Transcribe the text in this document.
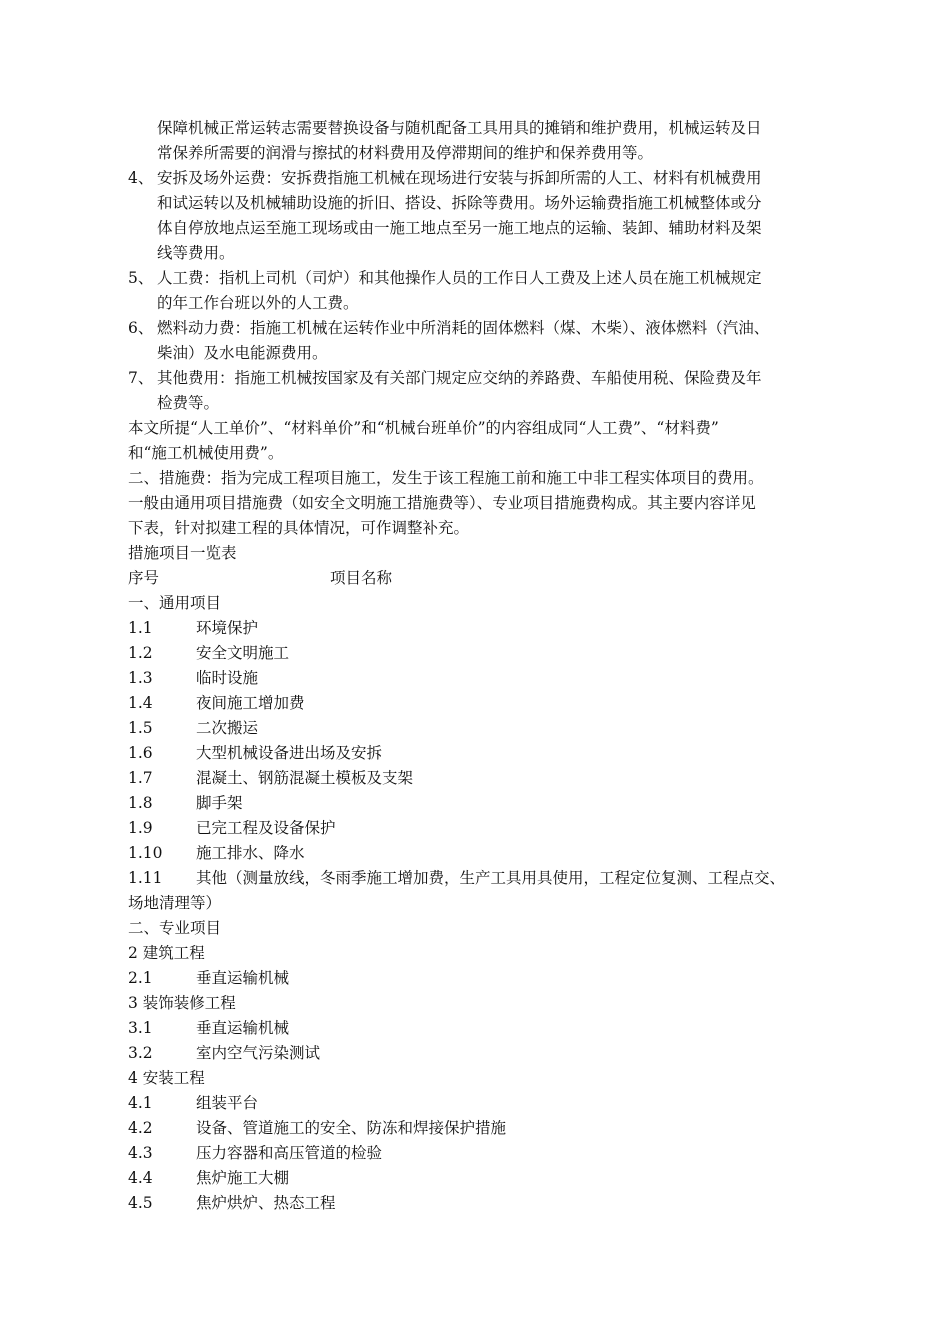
保障机械正常运转志需要替换设备与随机配备工具用具的摊销和维护费用，机械运转及日
常保养所需要的润滑与擦拭的材料费用及停滞期间的维护和保养费用等。
4、 安拆及场外运费：安拆费指施工机械在现场进行安装与拆卸所需的人工、材料有机械费用
和试运转以及机械辅助设施的折旧、搭设、拆除等费用。场外运输费指施工机械整体或分
体自停放地点运至施工现场或由一施工地点至另一施工地点的运输、装卸、辅助材料及架
线等费用。
5、 人工费：指机上司机（司炉）和其他操作人员的工作日人工费及上述人员在施工机械规定
的年工作台班以外的人工费。
6、 燃料动力费：指施工机械在运转作业中所消耗的固体燃料（煤、木柴）、液体燃料（汽油、
柴油）及水电能源费用。
7、 其他费用：指施工机械按国家及有关部门规定应交纳的养路费、车船使用税、保险费及年
检费等。
本文所提“人工单价”、“材料单价”和“机械台班单价”的内容组成同“人工费”、“材料费”
和“施工机械使用费”。
二、措施费：指为完成工程项目施工，发生于该工程施工前和施工中非工程实体项目的费用。
一般由通用项目措施费（如安全文明施工措施费等）、专业项目措施费构成。其主要内容详见
下表，针对拟建工程的具体情况，可作调整补充。
措施项目一览表
序号	项目名称
一、通用项目
1.1	环境保护
1.2	安全文明施工
1.3	临时设施
1.4	夜间施工增加费
1.5	二次搬运
1.6	大型机械设备进出场及安拆
1.7	混凝土、钢筋混凝土模板及支架
1.8	脚手架
1.9	已完工程及设备保护
1.10 施工排水、降水
1.11 其他（测量放线，冬雨季施工增加费，生产工具用具使用，工程定位复测、工程点交、
场地清理等）
二、专业项目
2 建筑工程
2.1	垂直运输机械
3 装饰装修工程
3.1	垂直运输机械
3.2	室内空气污染测试
4 安装工程
4.1	组装平台
4.2	设备、管道施工的安全、防冻和焊接保护措施
4.3	压力容器和高压管道的检验
4.4	焦炉施工大棚
4.5	焦炉烘炉、热态工程
